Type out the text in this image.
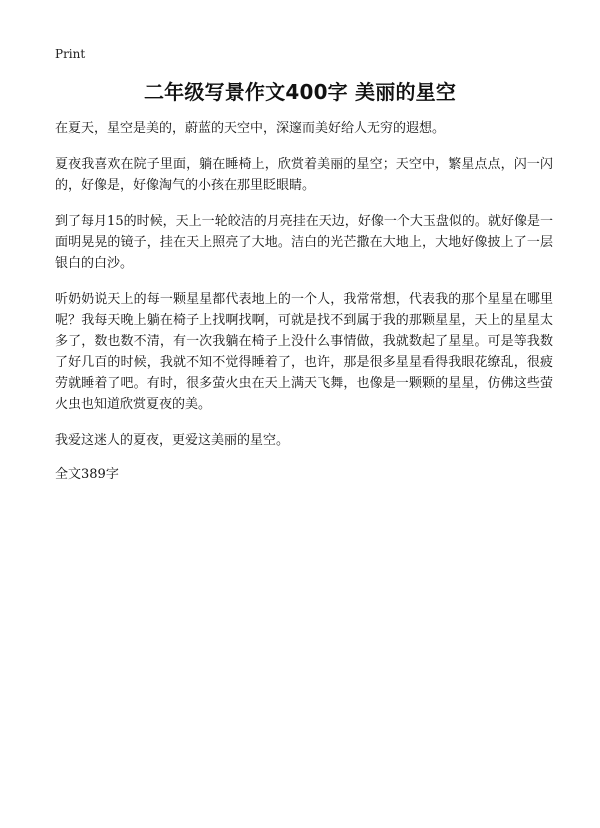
Print
二年级写景作文400字 美丽的星空

在夏天，星空是美的，蔚蓝的天空中，深邃而美好给人无穷的遐想。

夏夜我喜欢在院子里面，躺在睡椅上，欣赏着美丽的星空；天空中，繁星点点，闪一闪的，好像是，好像淘气的小孩在那里眨眼睛。

到了每月15的时候，天上一轮皎洁的月亮挂在天边，好像一个大玉盘似的。就好像是一面明晃晃的镜子，挂在天上照亮了大地。洁白的光芒撒在大地上，大地好像披上了一层银白的白沙。

听奶奶说天上的每一颗星星都代表地上的一个人，我常常想，代表我的那个星星在哪里呢？我每天晚上躺在椅子上找啊找啊，可就是找不到属于我的那颗星星，天上的星星太多了，数也数不清，有一次我躺在椅子上没什么事情做，我就数起了星星。可是等我数了好几百的时候，我就不知不觉得睡着了，也许，那是很多星星看得我眼花缭乱，很疲劳就睡着了吧。有时，很多萤火虫在天上满天飞舞，也像是一颗颗的星星，仿佛这些萤火虫也知道欣赏夏夜的美。

我爱这迷人的夏夜，更爱这美丽的星空。

全文389字
